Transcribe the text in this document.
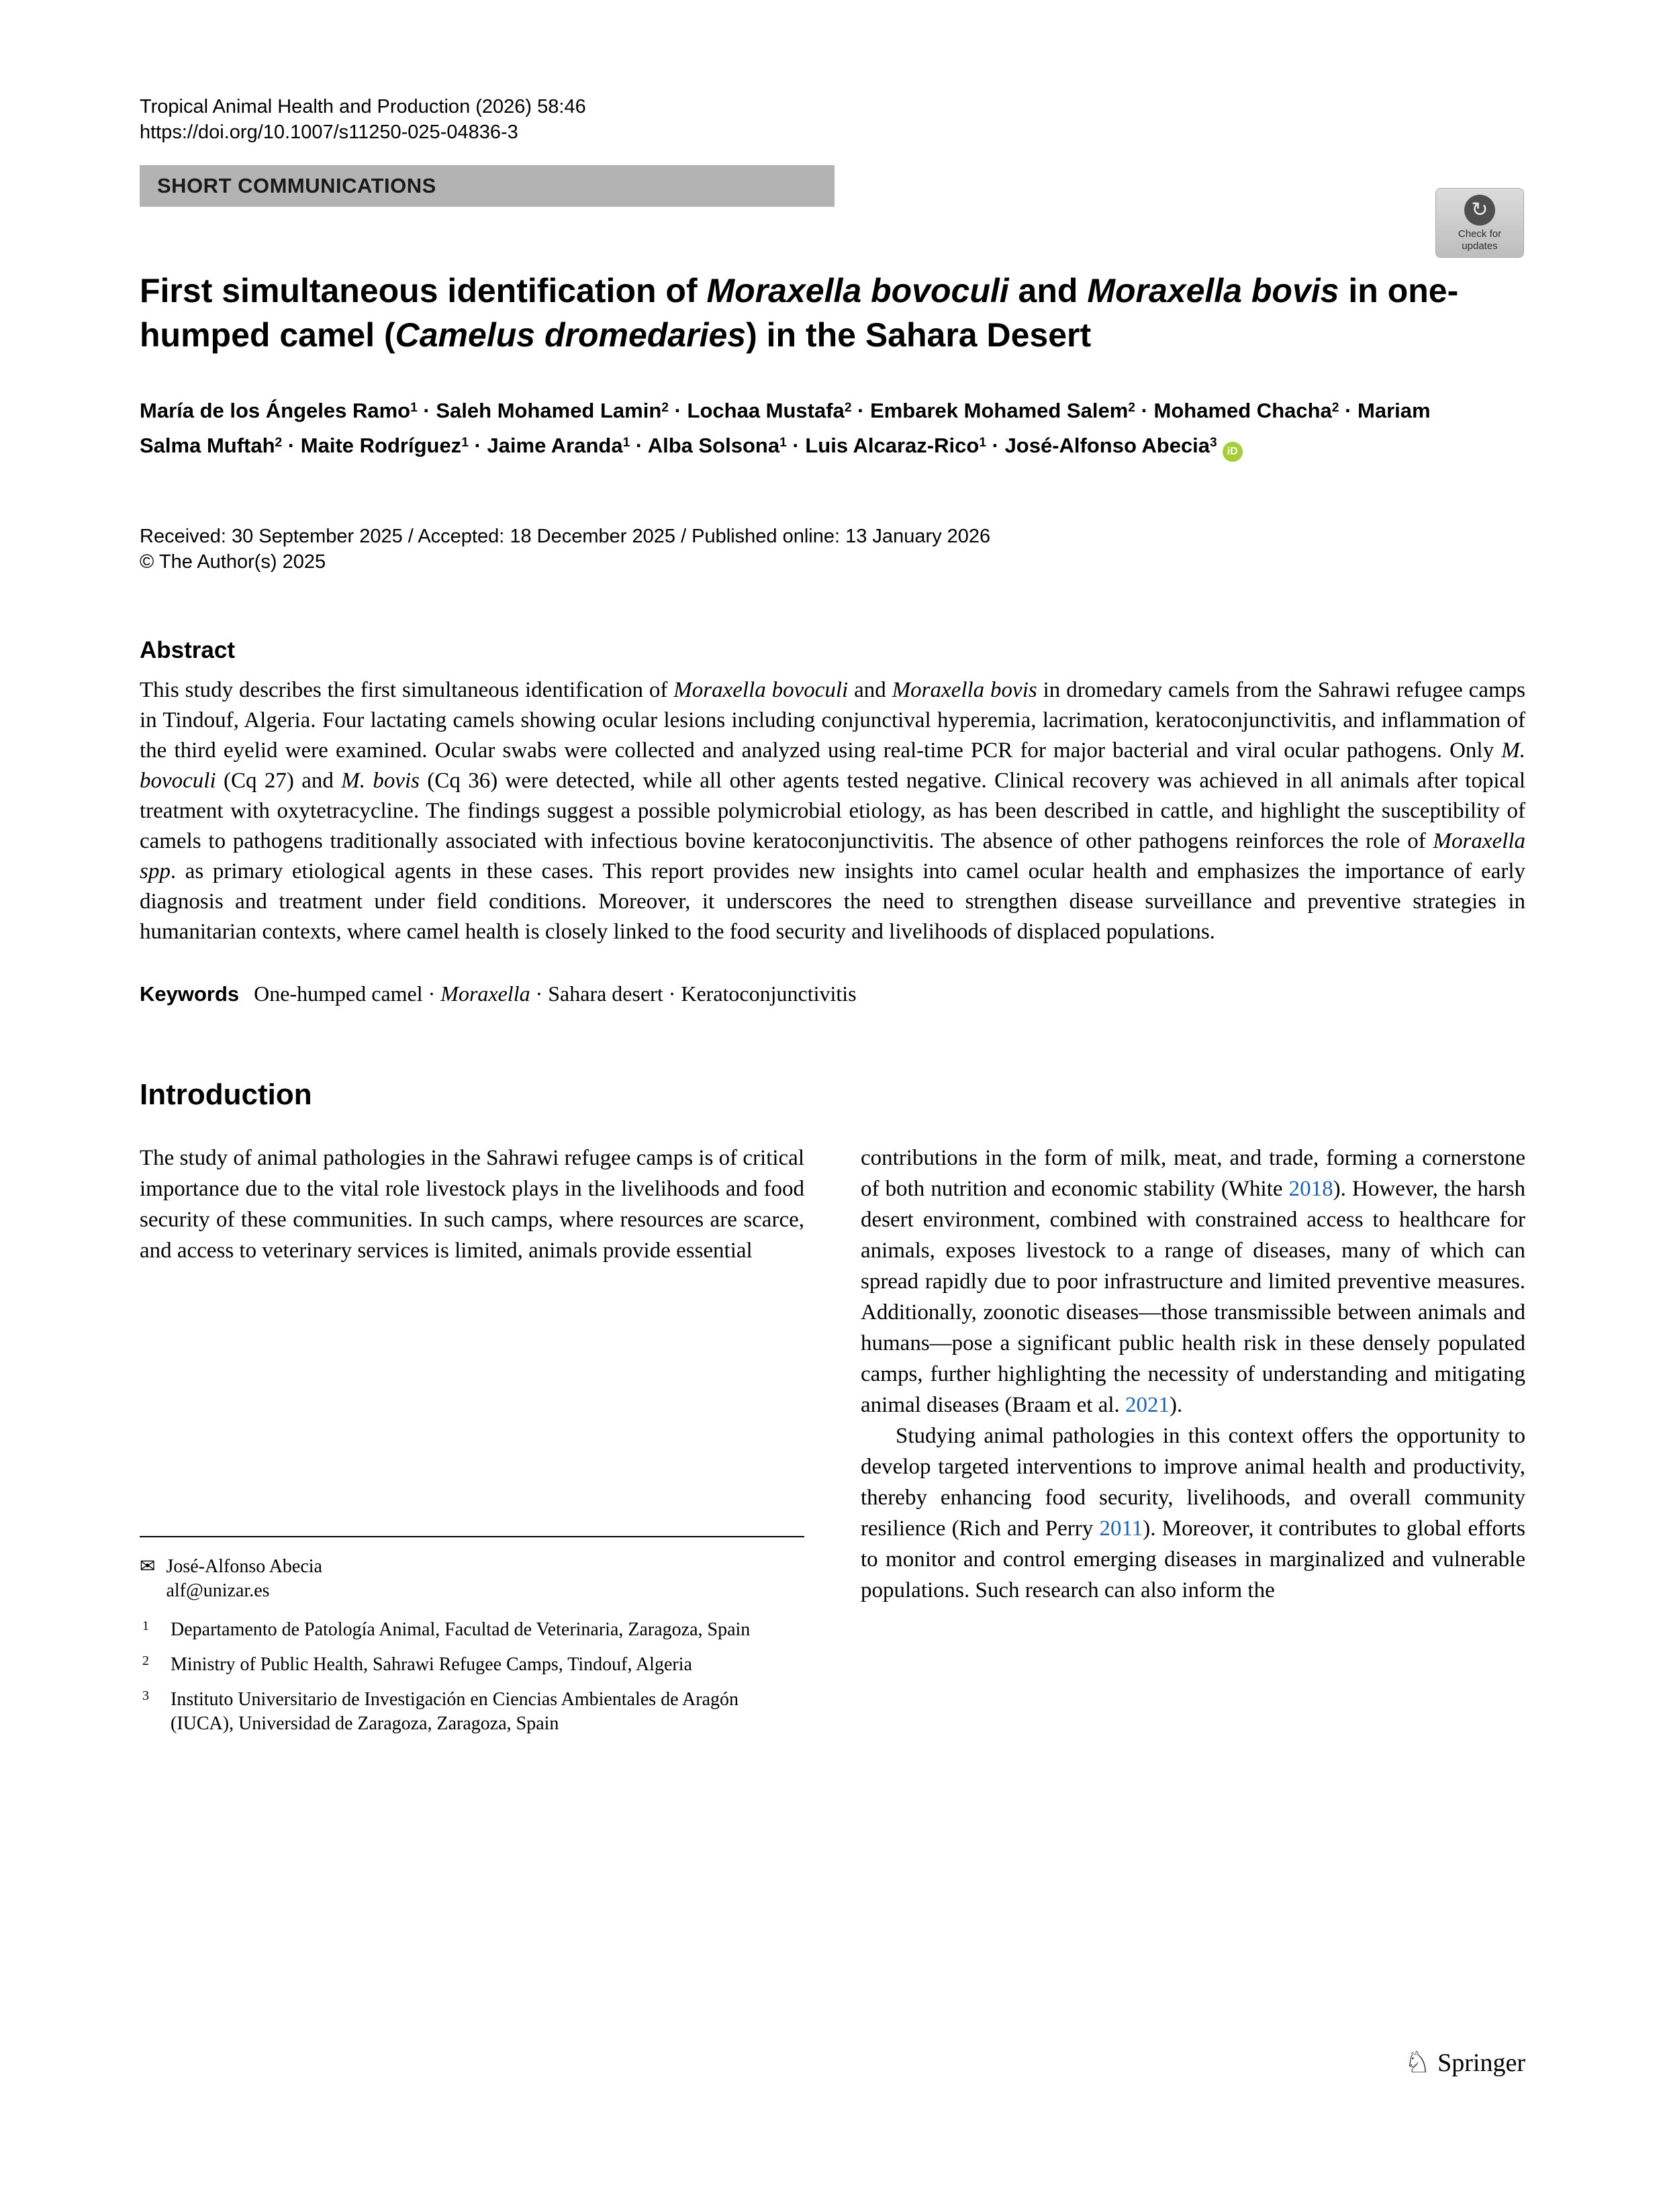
Tropical Animal Health and Production (2026) 58:46
https://doi.org/10.1007/s11250-025-04836-3
SHORT COMMUNICATIONS
↻
Check for
updates
First simultaneous identification of Moraxella bovoculi and Moraxella bovis in one-humped camel (Camelus dromedaries) in the Sahara Desert
María de los Ángeles Ramo$^1$ · Saleh Mohamed Lamin$^2$ · Lochaa Mustafa$^2$ · Embarek Mohamed Salem$^2$ · Mohamed Chacha$^2$ · Mariam Salma Muftah$^2$ · Maite Rodríguez$^1$ · Jaime Aranda$^1$ · Alba Solsona$^1$ · Luis Alcaraz-Rico$^1$ · José-Alfonso Abecia$^3$iD
Received: 30 September 2025 / Accepted: 18 December 2025 / Published online: 13 January 2026
© The Author(s) 2025
Abstract
This study describes the first simultaneous identification of Moraxella bovoculi and Moraxella bovis in dromedary camels from the Sahrawi refugee camps in Tindouf, Algeria. Four lactating camels showing ocular lesions including conjunctival hyperemia, lacrimation, keratoconjunctivitis, and inflammation of the third eyelid were examined. Ocular swabs were collected and analyzed using real-time PCR for major bacterial and viral ocular pathogens. Only M. bovoculi (Cq 27) and M. bovis (Cq 36) were detected, while all other agents tested negative. Clinical recovery was achieved in all animals after topical treatment with oxytetracycline. The findings suggest a possible polymicrobial etiology, as has been described in cattle, and highlight the susceptibility of camels to pathogens traditionally associated with infectious bovine keratoconjunctivitis. The absence of other pathogens reinforces the role of Moraxella spp. as primary etiological agents in these cases. This report provides new insights into camel ocular health and emphasizes the importance of early diagnosis and treatment under field conditions. Moreover, it underscores the need to strengthen disease surveillance and preventive strategies in humanitarian contexts, where camel health is closely linked to the food security and livelihoods of displaced populations.
Keywords One-humped camel · Moraxella · Sahara desert · Keratoconjunctivitis
Introduction
The study of animal pathologies in the Sahrawi refugee camps is of critical importance due to the vital role livestock plays in the livelihoods and food security of these communities. In such camps, where resources are scarce, and access to veterinary services is limited, animals provide essential
✉ José-Alfonso Abecia
alf@unizar.es
1	Departamento de Patología Animal, Facultad de Veterinaria, Zaragoza, Spain
2	Ministry of Public Health, Sahrawi Refugee Camps, Tindouf, Algeria
3	Instituto Universitario de Investigación en Ciencias Ambientales de Aragón (IUCA), Universidad de Zaragoza, Zaragoza, Spain
contributions in the form of milk, meat, and trade, forming a cornerstone of both nutrition and economic stability (White 2018). However, the harsh desert environment, combined with constrained access to healthcare for animals, exposes livestock to a range of diseases, many of which can spread rapidly due to poor infrastructure and limited preventive measures. Additionally, zoonotic diseases—those transmissible between animals and humans—pose a significant public health risk in these densely populated camps, further highlighting the necessity of understanding and mitigating animal diseases (Braam et al. 2021).
Studying animal pathologies in this context offers the opportunity to develop targeted interventions to improve animal health and productivity, thereby enhancing food security, livelihoods, and overall community resilience (Rich and Perry 2011). Moreover, it contributes to global efforts to monitor and control emerging diseases in marginalized and vulnerable populations. Such research can also inform the
♘ Springer
